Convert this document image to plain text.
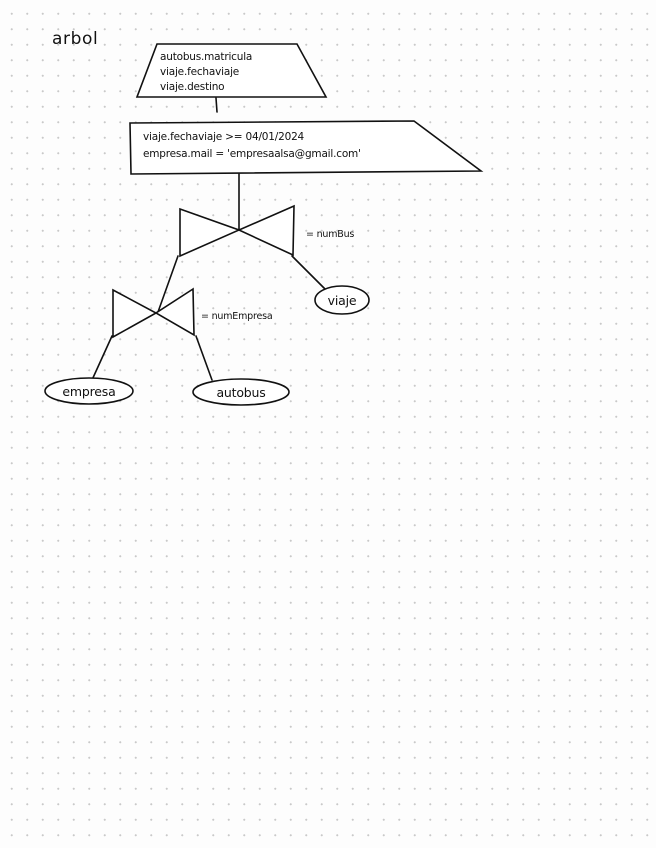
arbol
autobus.matricula
viaje.fechaviaje
viaje.destino
viaje.fechaviaje >= 04/01/2024
empresa.mail = 'empresaalsa@gmail.com'
= numBus
= numEmpresa
viaje
empresa	autobus
